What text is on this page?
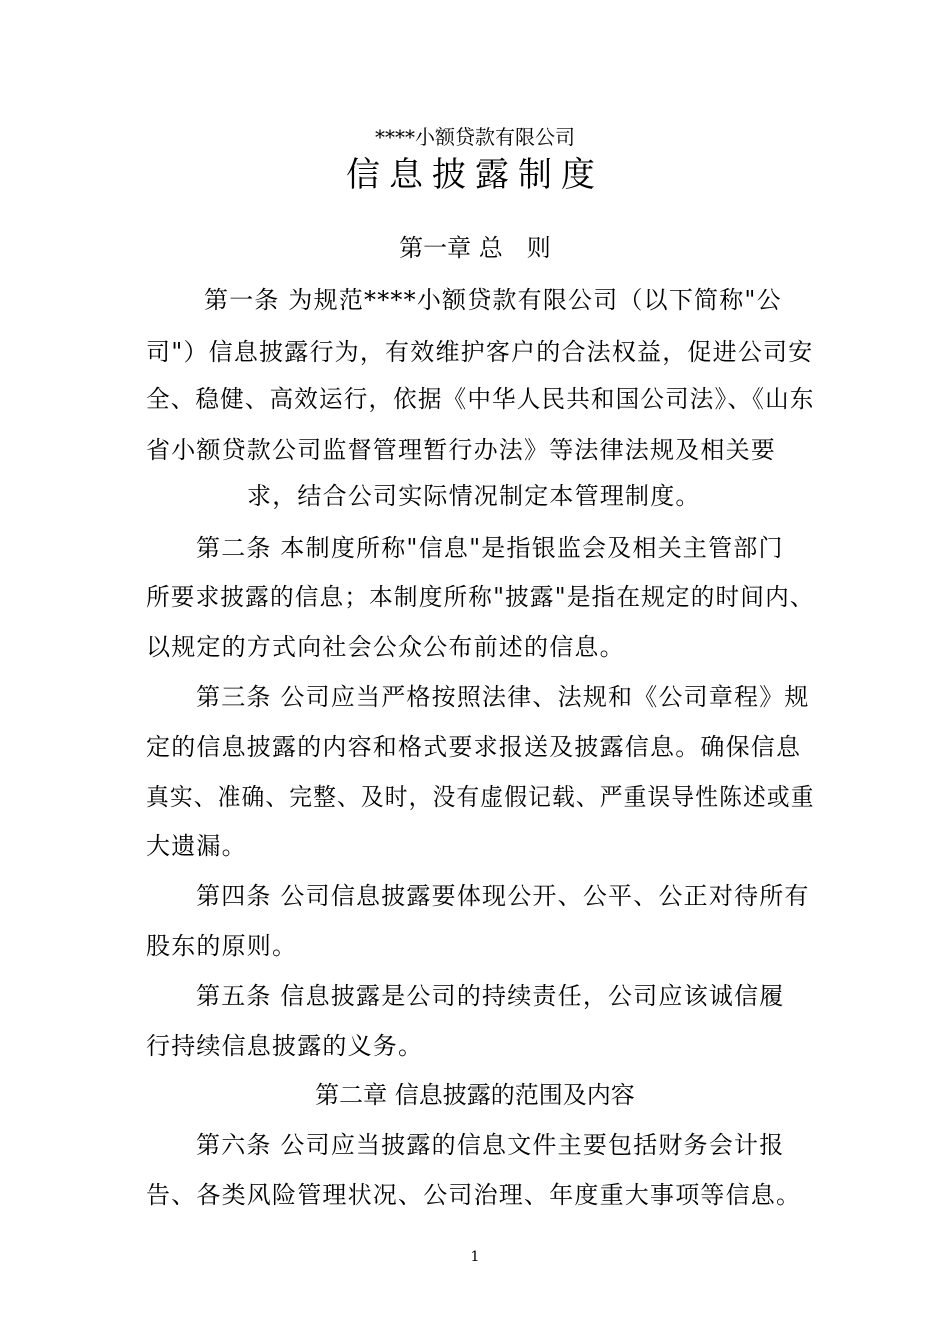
****小额贷款有限公司
信息披露制度
第一章 总　则
第一条 为规范****小额贷款有限公司（以下简称"公
司"）信息披露行为，有效维护客户的合法权益，促进公司安
全、稳健、高效运行，依据《中华人民共和国公司法》、《山东
省小额贷款公司监督管理暂行办法》等法律法规及相关要
求，结合公司实际情况制定本管理制度。
第二条 本制度所称"信息"是指银监会及相关主管部门
所要求披露的信息；本制度所称"披露"是指在规定的时间内、
以规定的方式向社会公众公布前述的信息。
第三条 公司应当严格按照法律、法规和《公司章程》规
定的信息披露的内容和格式要求报送及披露信息。确保信息
真实、准确、完整、及时，没有虚假记载、严重误导性陈述或重
大遗漏。
第四条 公司信息披露要体现公开、公平、公正对待所有
股东的原则。
第五条 信息披露是公司的持续责任，公司应该诚信履
行持续信息披露的义务。
第二章 信息披露的范围及内容
第六条 公司应当披露的信息文件主要包括财务会计报
告、各类风险管理状况、公司治理、年度重大事项等信息。
1
